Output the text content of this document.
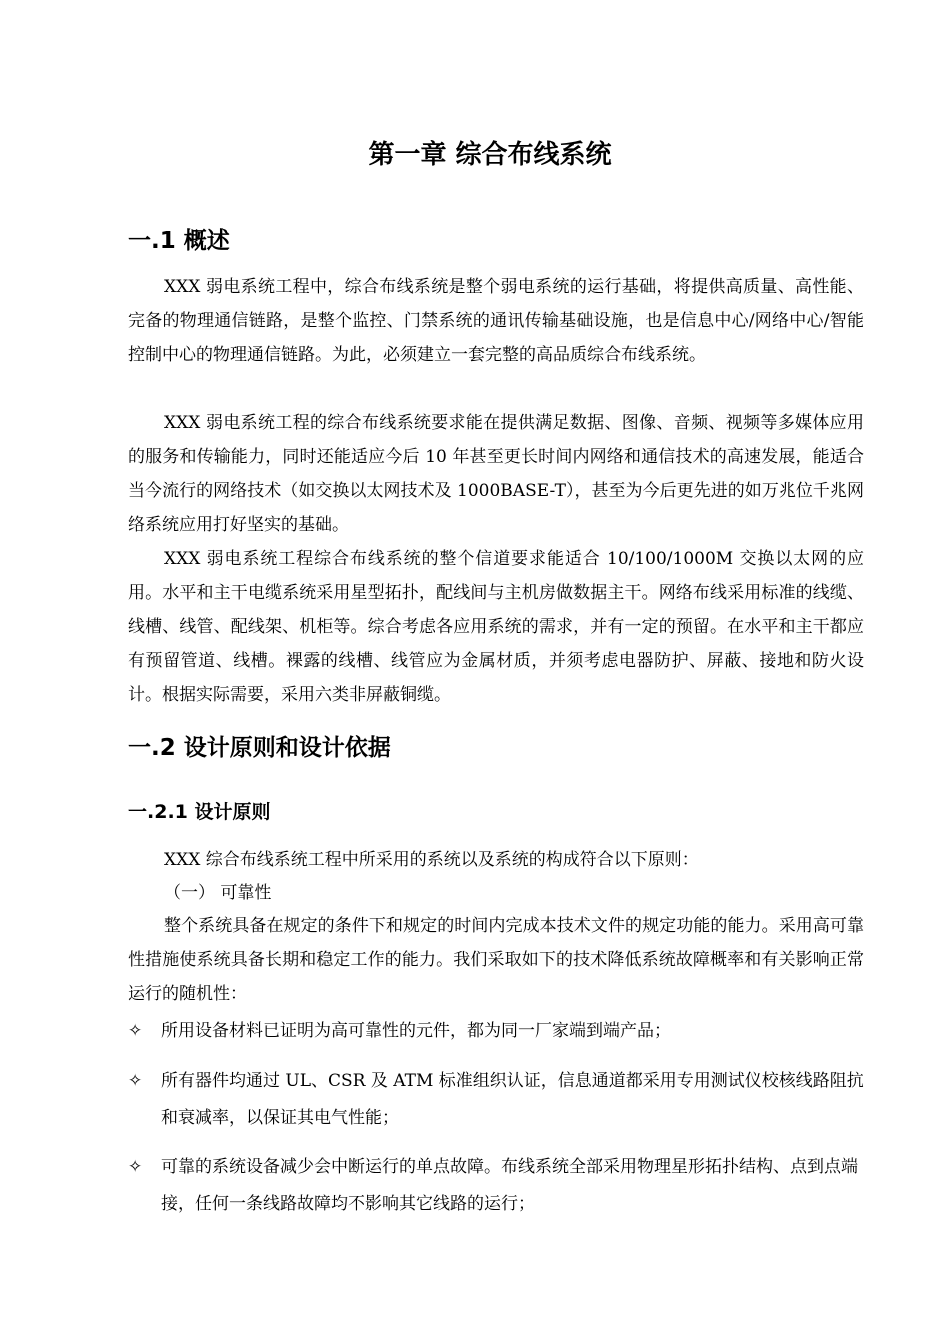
第一章 综合布线系统
一.1 概述
XXX 弱电系统工程中，综合布线系统是整个弱电系统的运行基础，将提供高质量、高性能、完备的物理通信链路，是整个监控、门禁系统的通讯传输基础设施，也是信息中心/网络中心/智能控制中心的物理通信链路。为此，必须建立一套完整的高品质综合布线系统。
XXX 弱电系统工程的综合布线系统要求能在提供满足数据、图像、音频、视频等多媒体应用的服务和传输能力，同时还能适应今后 10 年甚至更长时间内网络和通信技术的高速发展，能适合当今流行的网络技术（如交换以太网技术及 1000BASE-T），甚至为今后更先进的如万兆位千兆网络系统应用打好坚实的基础。
XXX 弱电系统工程综合布线系统的整个信道要求能适合 10/100/1000M 交换以太网的应用。水平和主干电缆系统采用星型拓扑，配线间与主机房做数据主干。网络布线采用标准的线缆、线槽、线管、配线架、机柜等。综合考虑各应用系统的需求，并有一定的预留。在水平和主干都应有预留管道、线槽。裸露的线槽、线管应为金属材质，并须考虑电器防护、屏蔽、接地和防火设计。根据实际需要，采用六类非屏蔽铜缆。
一.2 设计原则和设计依据
一.2.1 设计原则
XXX 综合布线系统工程中所采用的系统以及系统的构成符合以下原则：
（一） 可靠性
整个系统具备在规定的条件下和规定的时间内完成本技术文件的规定功能的能力。采用高可靠性措施使系统具备长期和稳定工作的能力。我们采取如下的技术降低系统故障概率和有关影响正常运行的随机性：
✧	所用设备材料已证明为高可靠性的元件，都为同一厂家端到端产品；
✧	所有器件均通过 UL、CSR 及 ATM 标准组织认证，信息通道都采用专用测试仪校核线路阻抗和衰减率，以保证其电气性能；
✧	可靠的系统设备减少会中断运行的单点故障。布线系统全部采用物理星形拓扑结构、点到点端接，任何一条线路故障均不影响其它线路的运行；
